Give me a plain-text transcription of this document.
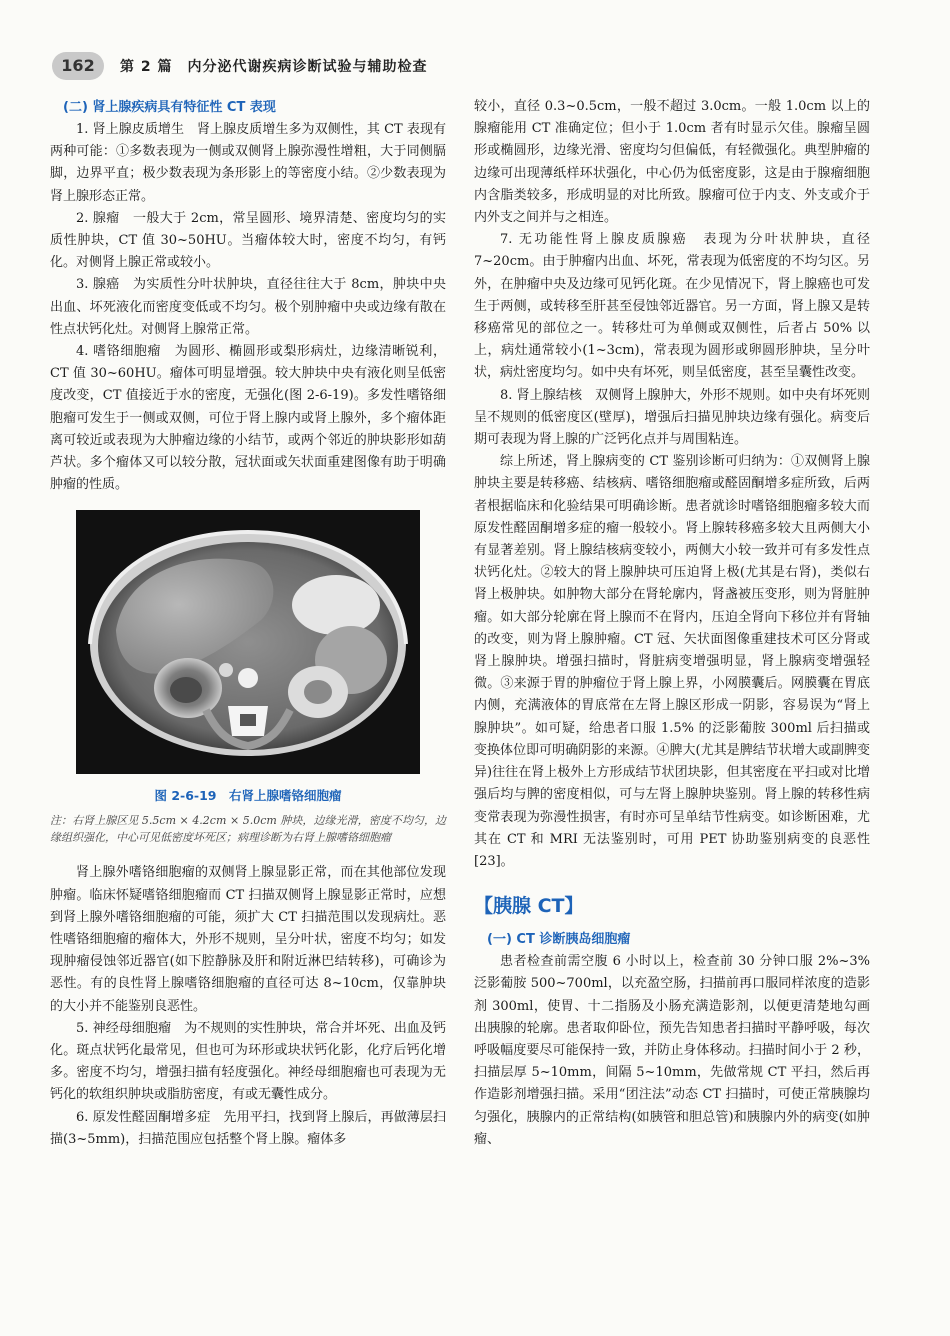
162	第 2 篇　内分泌代谢疾病诊断试验与辅助检查
(二) 肾上腺疾病具有特征性 CT 表现

1. 肾上腺皮质增生　肾上腺皮质增生多为双侧性，其 CT 表现有两种可能：①多数表现为一侧或双侧肾上腺弥漫性增粗，大于同侧膈脚，边界平直；极少数表现为条形影上的等密度小结。②少数表现为肾上腺形态正常。

2. 腺瘤　一般大于 2cm，常呈圆形、境界清楚、密度均匀的实质性肿块，CT 值 30~50HU。当瘤体较大时，密度不均匀，有钙化。对侧肾上腺正常或较小。

3. 腺癌　为实质性分叶状肿块，直径往往大于 8cm，肿块中央出血、坏死液化而密度变低或不均匀。极个别肿瘤中央或边缘有散在性点状钙化灶。对侧肾上腺常正常。

4. 嗜铬细胞瘤　为圆形、椭圆形或梨形病灶，边缘清晰锐利，CT 值 30~60HU。瘤体可明显增强。较大肿块中央有液化则呈低密度改变，CT 值接近于水的密度，无强化(图 2-6-19)。多发性嗜铬细胞瘤可发生于一侧或双侧，可位于肾上腺内或肾上腺外，多个瘤体距离可较近或表现为大肿瘤边缘的小结节，或两个邻近的肿块影形如葫芦状。多个瘤体又可以较分散，冠状面或矢状面重建图像有助于明确肿瘤的性质。

图 2-6-19　右肾上腺嗜铬细胞瘤
注：右肾上腺区见 5.5cm × 4.2cm × 5.0cm 肿块，边缘光滑，密度不均匀，边缘组织强化，中心可见低密度坏死区；病理诊断为右肾上腺嗜铬细胞瘤

肾上腺外嗜铬细胞瘤的双侧肾上腺显影正常，而在其他部位发现肿瘤。临床怀疑嗜铬细胞瘤而 CT 扫描双侧肾上腺显影正常时，应想到肾上腺外嗜铬细胞瘤的可能，须扩大 CT 扫描范围以发现病灶。恶性嗜铬细胞瘤的瘤体大，外形不规则，呈分叶状，密度不均匀；如发现肿瘤侵蚀邻近器官(如下腔静脉及肝和附近淋巴结转移)，可确诊为恶性。有的良性肾上腺嗜铬细胞瘤的直径可达 8~10cm，仅靠肿块的大小并不能鉴别良恶性。

5. 神经母细胞瘤　为不规则的实性肿块，常合并坏死、出血及钙化。斑点状钙化最常见，但也可为环形或块状钙化影，化疗后钙化增多。密度不均匀，增强扫描有轻度强化。神经母细胞瘤也可表现为无钙化的软组织肿块或脂肪密度，有或无囊性成分。

6. 原发性醛固酮增多症　先用平扫，找到肾上腺后，再做薄层扫描(3~5mm)，扫描范围应包括整个肾上腺。瘤体多

较小，直径 0.3~0.5cm，一般不超过 3.0cm。一般 1.0cm 以上的腺瘤能用 CT 准确定位；但小于 1.0cm 者有时显示欠佳。腺瘤呈圆形或椭圆形，边缘光滑、密度均匀但偏低，有轻微强化。典型肿瘤的边缘可出现薄纸样环状强化，中心仍为低密度影，这是由于腺瘤细胞内含脂类较多，形成明显的对比所致。腺瘤可位于内支、外支或介于内外支之间并与之相连。

7. 无功能性肾上腺皮质腺癌　表现为分叶状肿块，直径 7~20cm。由于肿瘤内出血、坏死，常表现为低密度的不均匀区。另外，在肿瘤中央及边缘可见钙化斑。在少见情况下，肾上腺癌也可发生于两侧，或转移至肝甚至侵蚀邻近器官。另一方面，肾上腺又是转移癌常见的部位之一。转移灶可为单侧或双侧性，后者占 50% 以上，病灶通常较小(1~3cm)，常表现为圆形或卵圆形肿块，呈分叶状，病灶密度均匀。如中央有坏死，则呈低密度，甚至呈囊性改变。

8. 肾上腺结核　双侧肾上腺肿大，外形不规则。如中央有坏死则呈不规则的低密度区(壁厚)，增强后扫描见肿块边缘有强化。病变后期可表现为肾上腺的广泛钙化点并与周围粘连。

综上所述，肾上腺病变的 CT 鉴别诊断可归纳为：①双侧肾上腺肿块主要是转移癌、结核病、嗜铬细胞瘤或醛固酮增多症所致，后两者根据临床和化验结果可明确诊断。患者就诊时嗜铬细胞瘤多较大而原发性醛固酮增多症的瘤一般较小。肾上腺转移癌多较大且两侧大小有显著差别。肾上腺结核病变较小，两侧大小较一致并可有多发性点状钙化灶。②较大的肾上腺肿块可压迫肾上极(尤其是右肾)，类似右肾上极肿块。如肿物大部分在肾轮廓内，肾盏被压变形，则为肾脏肿瘤。如大部分轮廓在肾上腺而不在肾内，压迫全肾向下移位并有肾轴的改变，则为肾上腺肿瘤。CT 冠、矢状面图像重建技术可区分肾或肾上腺肿块。增强扫描时，肾脏病变增强明显，肾上腺病变增强轻微。③来源于胃的肿瘤位于肾上腺上界，小网膜囊后。网膜囊在胃底内侧，充满液体的胃底常在左肾上腺区形成一阴影，容易误为“肾上腺肿块”。如可疑，给患者口服 1.5% 的泛影葡胺 300ml 后扫描或变换体位即可明确阴影的来源。④脾大(尤其是脾结节状增大或副脾变异)往往在肾上极外上方形成结节状团块影，但其密度在平扫或对比增强后均与脾的密度相似，可与左肾上腺肿块鉴别。肾上腺的转移性病变常表现为弥漫性损害，有时亦可呈单结节性病变。如诊断困难，尤其在 CT 和 MRI 无法鉴别时，可用 PET 协助鉴别病变的良恶性[23]。

【胰腺 CT】
(一) CT 诊断胰岛细胞瘤

患者检查前需空腹 6 小时以上，检查前 30 分钟口服 2%~3% 泛影葡胺 500~700ml，以充盈空肠，扫描前再口服同样浓度的造影剂 300ml，使胃、十二指肠及小肠充满造影剂，以便更清楚地勾画出胰腺的轮廓。患者取仰卧位，预先告知患者扫描时平静呼吸，每次呼吸幅度要尽可能保持一致，并防止身体移动。扫描时间小于 2 秒，扫描层厚 5~10mm，间隔 5~10mm，先做常规 CT 平扫，然后再作造影剂增强扫描。采用“团注法”动态 CT 扫描时，可使正常胰腺均匀强化，胰腺内的正常结构(如胰管和胆总管)和胰腺内外的病变(如肿瘤、
